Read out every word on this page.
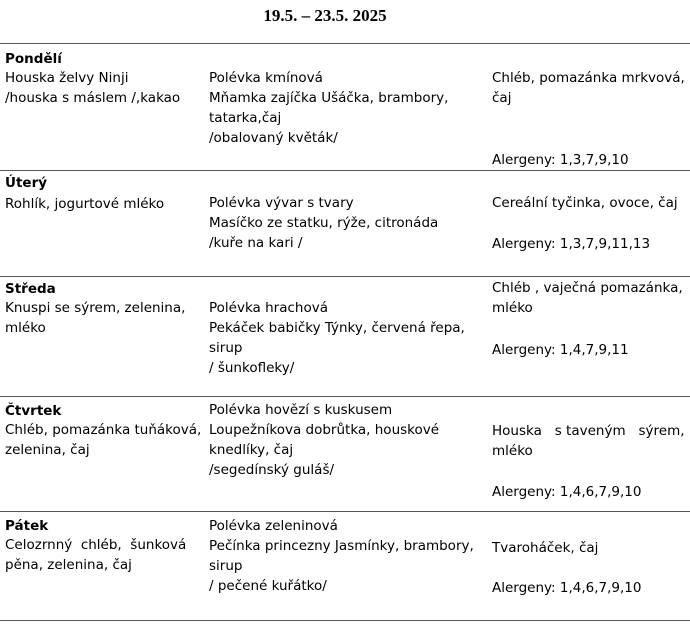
19.5. – 23.5. 2025
Pondělí
Houska želvy Ninji
/houska s máslem /,kakao
Polévka kmínová
Mňamka zajíčka Ušáčka, brambory,
tatarka,čaj
/obalovaný květák/
Chléb, pomazánka mrkvová,
čaj
Alergeny: 1,3,7,9,10
Úterý
Rohlík, jogurtové mléko	Polévka vývar s tvary
Masíčko ze statku, rýže, citronáda
/kuře na kari /
Cereální tyčinka, ovoce, čaj
Alergeny: 1,3,7,9,11,13
Středa
Knuspi se sýrem, zelenina,
mléko
Polévka hrachová
Pekáček babičky Týnky, červená řepa,
sirup
/ šunkofleky/
Chléb , vaječná pomazánka,
mléko
Alergeny: 1,4,7,9,11
Čtvrtek
Chléb, pomazánka tuňáková,
zelenina, čaj
Polévka hovězí s kuskusem
Loupežníkova dobrůtka, houskové
knedlíky, čaj
/segedínský guláš/
Houska   s taveným   sýrem,
mléko
Alergeny: 1,4,6,7,9,10
Pátek
Celozrnný  chléb,  šunková
pěna, zelenina, čaj
Polévka zeleninová
Pečínka princezny Jasmínky, brambory,
sirup
/ pečené kuřátko/
Tvaroháček, čaj
Alergeny: 1,4,6,7,9,10
